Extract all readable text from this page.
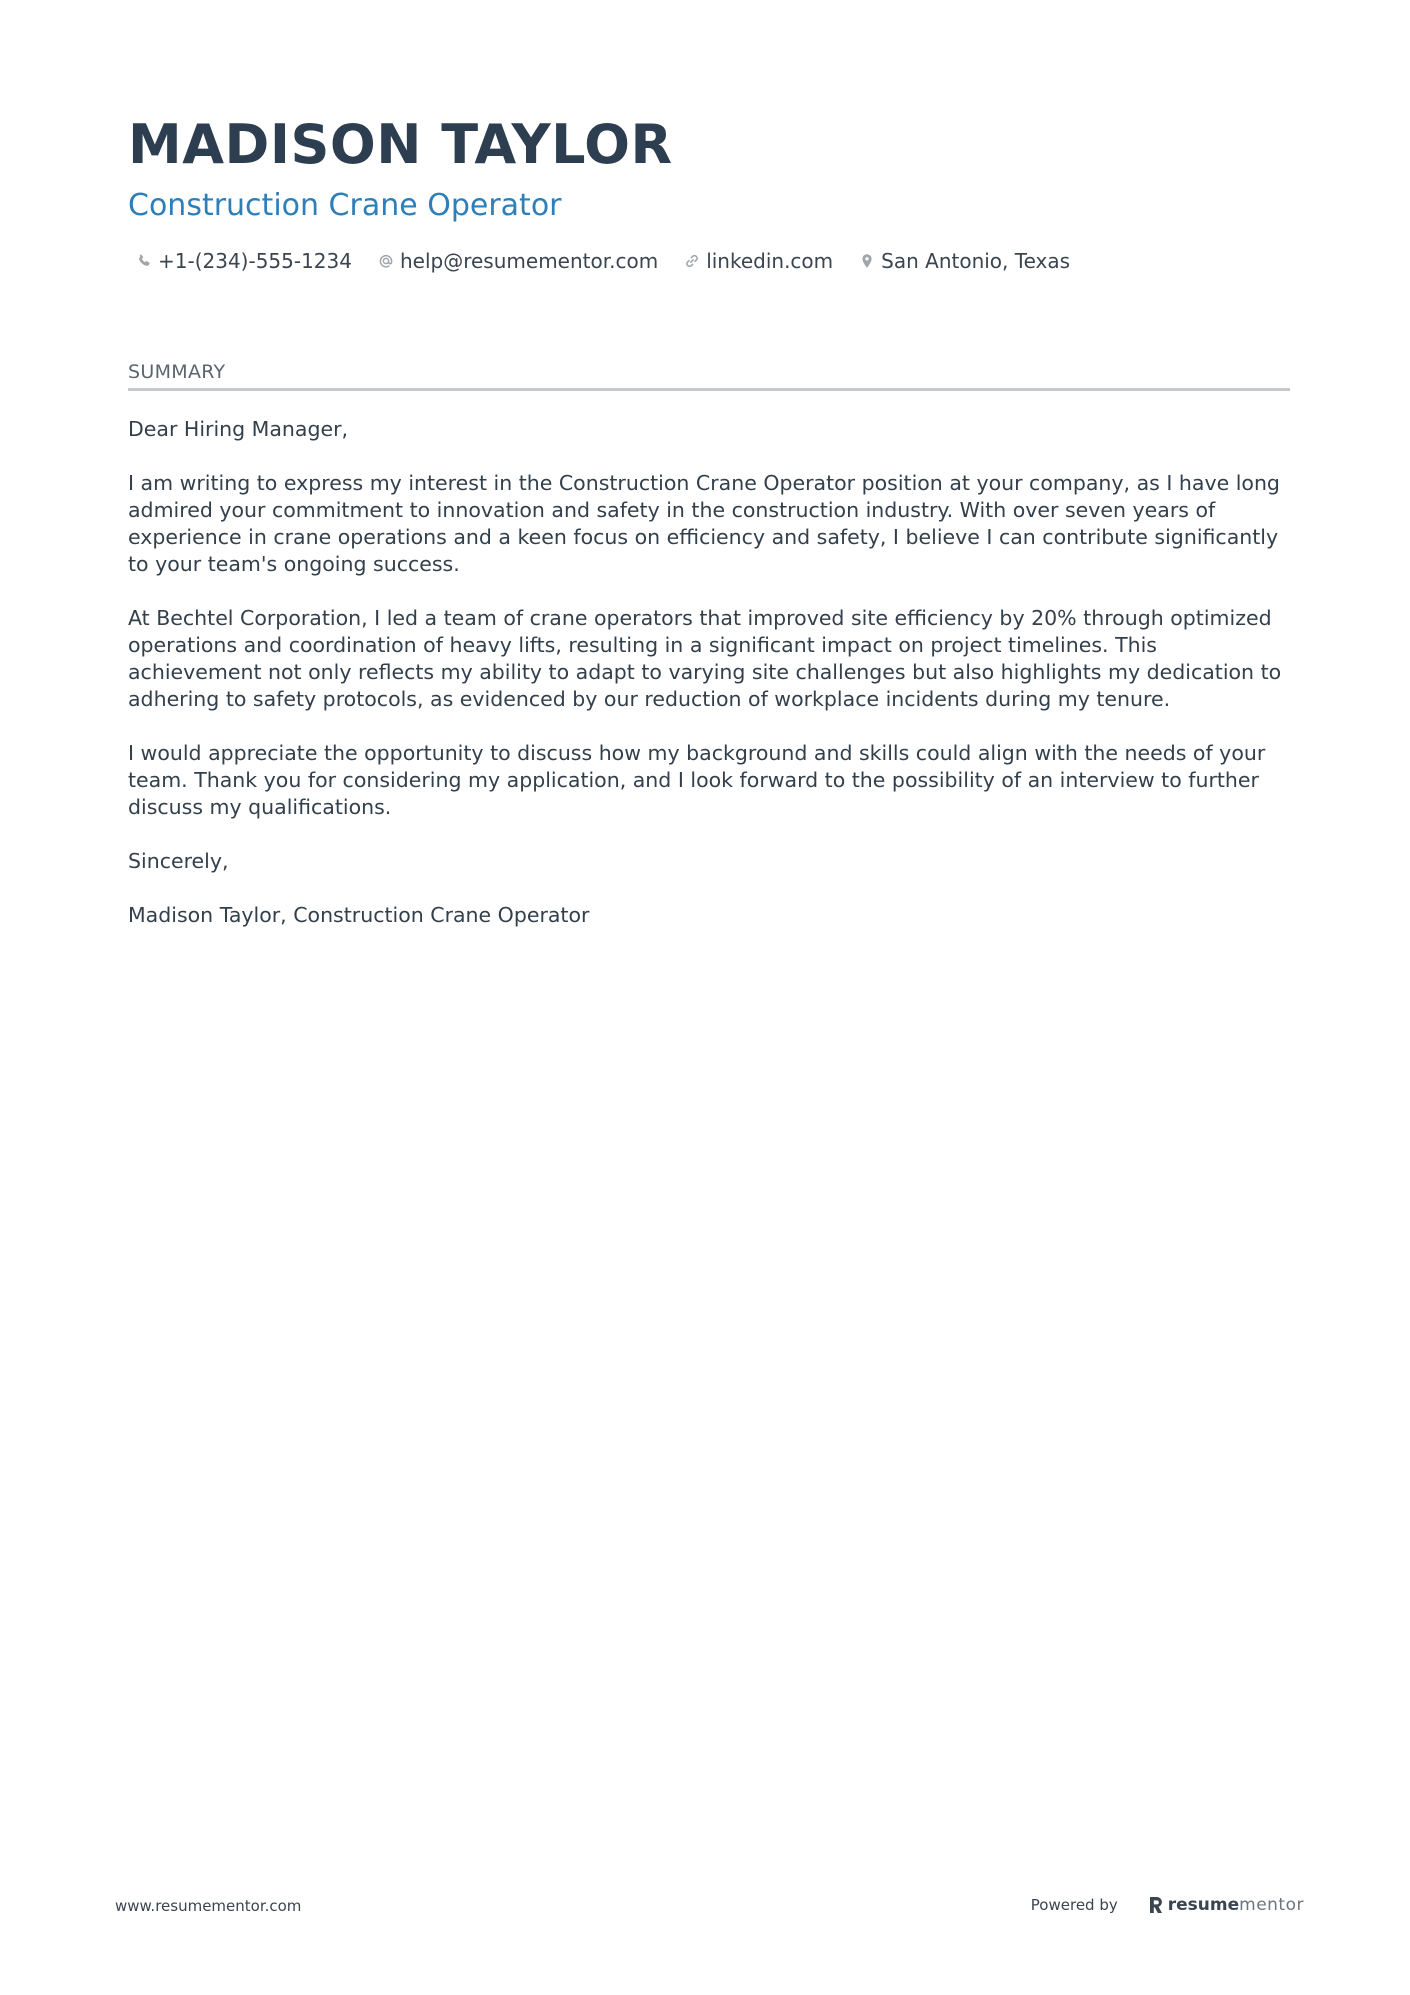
MADISON TAYLOR
Construction Crane Operator
+1-(234)-555-1234 help@resumementor.com linkedin.com San Antonio, Texas
SUMMARY

Dear Hiring Manager,

I am writing to express my interest in the Construction Crane Operator position at your company, as I have long admired your commitment to innovation and safety in the construction industry. With over seven years of experience in crane operations and a keen focus on efficiency and safety, I believe I can contribute significantly to your team's ongoing success.

At Bechtel Corporation, I led a team of crane operators that improved site efficiency by 20% through optimized operations and coordination of heavy lifts, resulting in a significant impact on project timelines. This achievement not only reflects my ability to adapt to varying site challenges but also highlights my dedication to adhering to safety protocols, as evidenced by our reduction of workplace incidents during my tenure.

I would appreciate the opportunity to discuss how my background and skills could align with the needs of your team. Thank you for considering my application, and I look forward to the possibility of an interview to further discuss my qualifications.

Sincerely,

Madison Taylor, Construction Crane Operator

www.resumementor.com	Powered by	resume mentor
